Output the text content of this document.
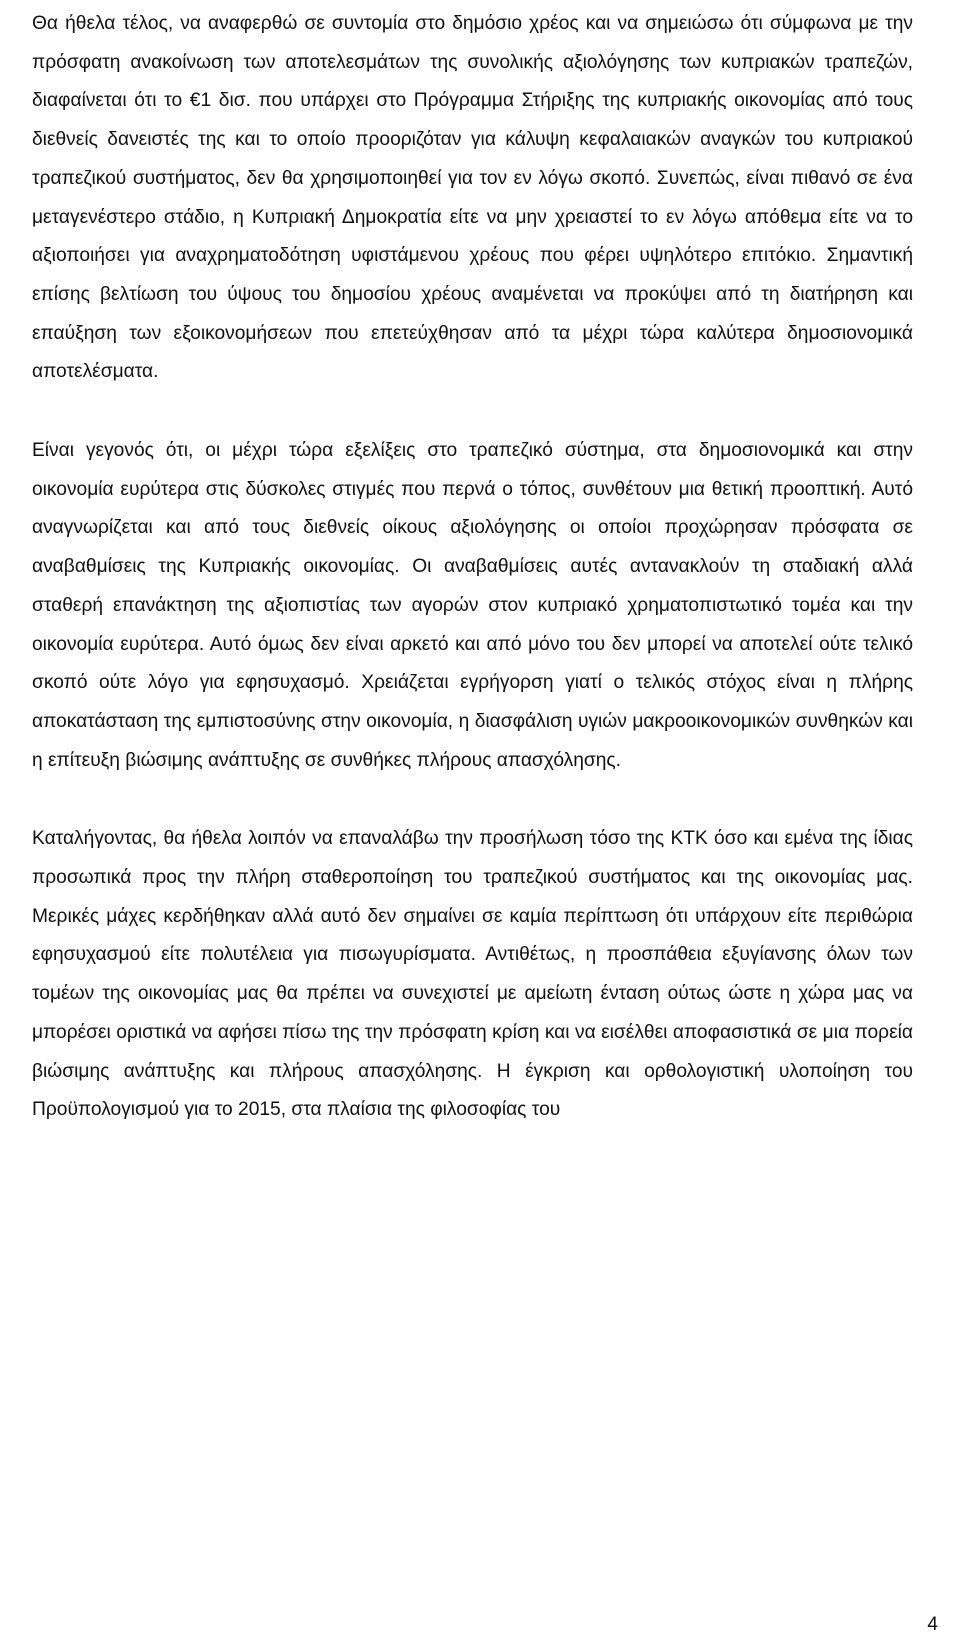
Θα ήθελα τέλος, να αναφερθώ σε συντομία στο δημόσιο χρέος και να σημειώσω ότι σύμφωνα με την πρόσφατη ανακοίνωση των αποτελεσμάτων της συνολικής αξιολόγησης των κυπριακών τραπεζών, διαφαίνεται ότι το €1 δισ. που υπάρχει στο Πρόγραμμα Στήριξης της κυπριακής οικονομίας από τους διεθνείς δανειστές της και το οποίο προοριζόταν για κάλυψη κεφαλαιακών αναγκών του κυπριακού τραπεζικού συστήματος, δεν θα χρησιμοποιηθεί για τον εν λόγω σκοπό. Συνεπώς, είναι πιθανό σε ένα μεταγενέστερο στάδιο, η Κυπριακή Δημοκρατία είτε να μην χρειαστεί το εν λόγω απόθεμα είτε να το αξιοποιήσει για αναχρηματοδότηση υφιστάμενου χρέους που φέρει υψηλότερο επιτόκιο. Σημαντική επίσης βελτίωση του ύψους του δημοσίου χρέους αναμένεται να προκύψει από τη διατήρηση και επαύξηση των εξοικονομήσεων που επετεύχθησαν από τα μέχρι τώρα καλύτερα δημοσιονομικά αποτελέσματα.

Είναι γεγονός ότι, οι μέχρι τώρα εξελίξεις στο τραπεζικό σύστημα, στα δημοσιονομικά και στην οικονομία ευρύτερα στις δύσκολες στιγμές που περνά ο τόπος, συνθέτουν μια θετική προοπτική. Αυτό αναγνωρίζεται και από τους διεθνείς οίκους αξιολόγησης οι οποίοι προχώρησαν πρόσφατα σε αναβαθμίσεις της Κυπριακής οικονομίας. Οι αναβαθμίσεις αυτές αντανακλούν τη σταδιακή αλλά σταθερή επανάκτηση της αξιοπιστίας των αγορών στον κυπριακό χρηματοπιστωτικό τομέα και την οικονομία ευρύτερα. Αυτό όμως δεν είναι αρκετό και από μόνο του δεν μπορεί να αποτελεί ούτε τελικό σκοπό ούτε λόγο για εφησυχασμό. Χρειάζεται εγρήγορση γιατί ο τελικός στόχος είναι η πλήρης αποκατάσταση της εμπιστοσύνης στην οικονομία, η διασφάλιση υγιών μακροοικονομικών συνθηκών και η επίτευξη βιώσιμης ανάπτυξης σε συνθήκες πλήρους απασχόλησης.

Καταλήγοντας, θα ήθελα λοιπόν να επαναλάβω την προσήλωση τόσο της ΚΤΚ όσο και εμένα της ίδιας προσωπικά προς την πλήρη σταθεροποίηση του τραπεζικού συστήματος και της οικονομίας μας. Μερικές μάχες κερδήθηκαν αλλά αυτό δεν σημαίνει σε καμία περίπτωση ότι υπάρχουν είτε περιθώρια εφησυχασμού είτε πολυτέλεια για πισωγυρίσματα. Αντιθέτως, η προσπάθεια εξυγίανσης όλων των τομέων της οικονομίας μας θα πρέπει να συνεχιστεί με αμείωτη ένταση ούτως ώστε η χώρα μας να μπορέσει οριστικά να αφήσει πίσω της την πρόσφατη κρίση και να εισέλθει αποφασιστικά σε μια πορεία βιώσιμης ανάπτυξης και πλήρους απασχόλησης. Η έγκριση και ορθολογιστική υλοποίηση του Προϋπολογισμού για το 2015, στα πλαίσια της φιλοσοφίας του

4
